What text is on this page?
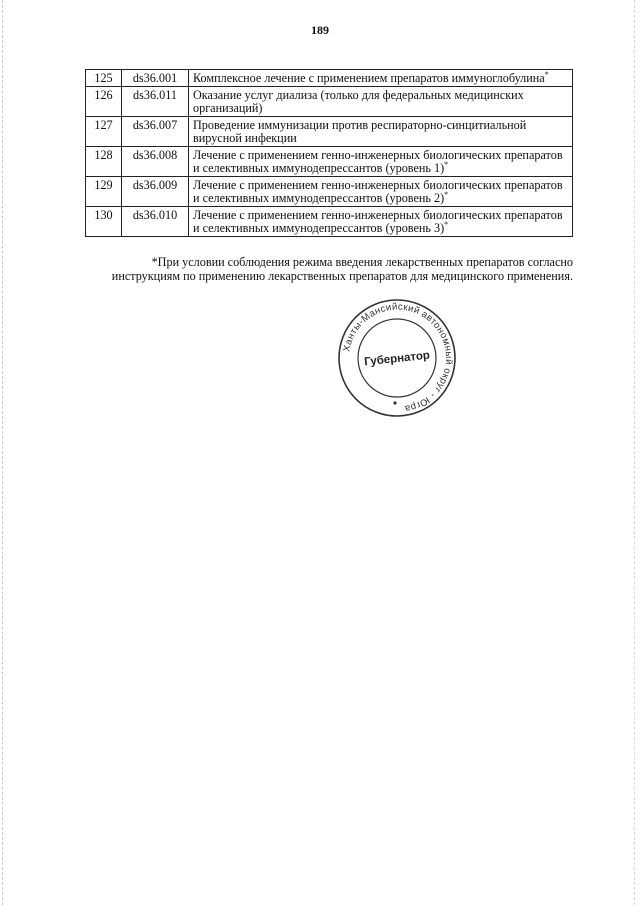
189
125	ds36.001	Комплексное лечение с применением препаратов иммуноглобулина*
126	ds36.011	Оказание услуг диализа (только для федеральных медицинских организаций)
127	ds36.007	Проведение иммунизации против респираторно-синцитиальной вирусной инфекции
128	ds36.008	Лечение с применением генно-инженерных биологических препаратов и селективных иммунодепрессантов (уровень 1)*
129	ds36.009	Лечение с применением генно-инженерных биологических препаратов и селективных иммунодепрессантов (уровень 2)*
130	ds36.010	Лечение с применением генно-инженерных биологических препаратов и селективных иммунодепрессантов (уровень 3)*
*При условии соблюдения режима введения лекарственных препаратов согласно инструкциям по применению лекарственных препаратов для медицинского применения.
Ханты-Мансийский автономный округ - Югра
Губернатор
